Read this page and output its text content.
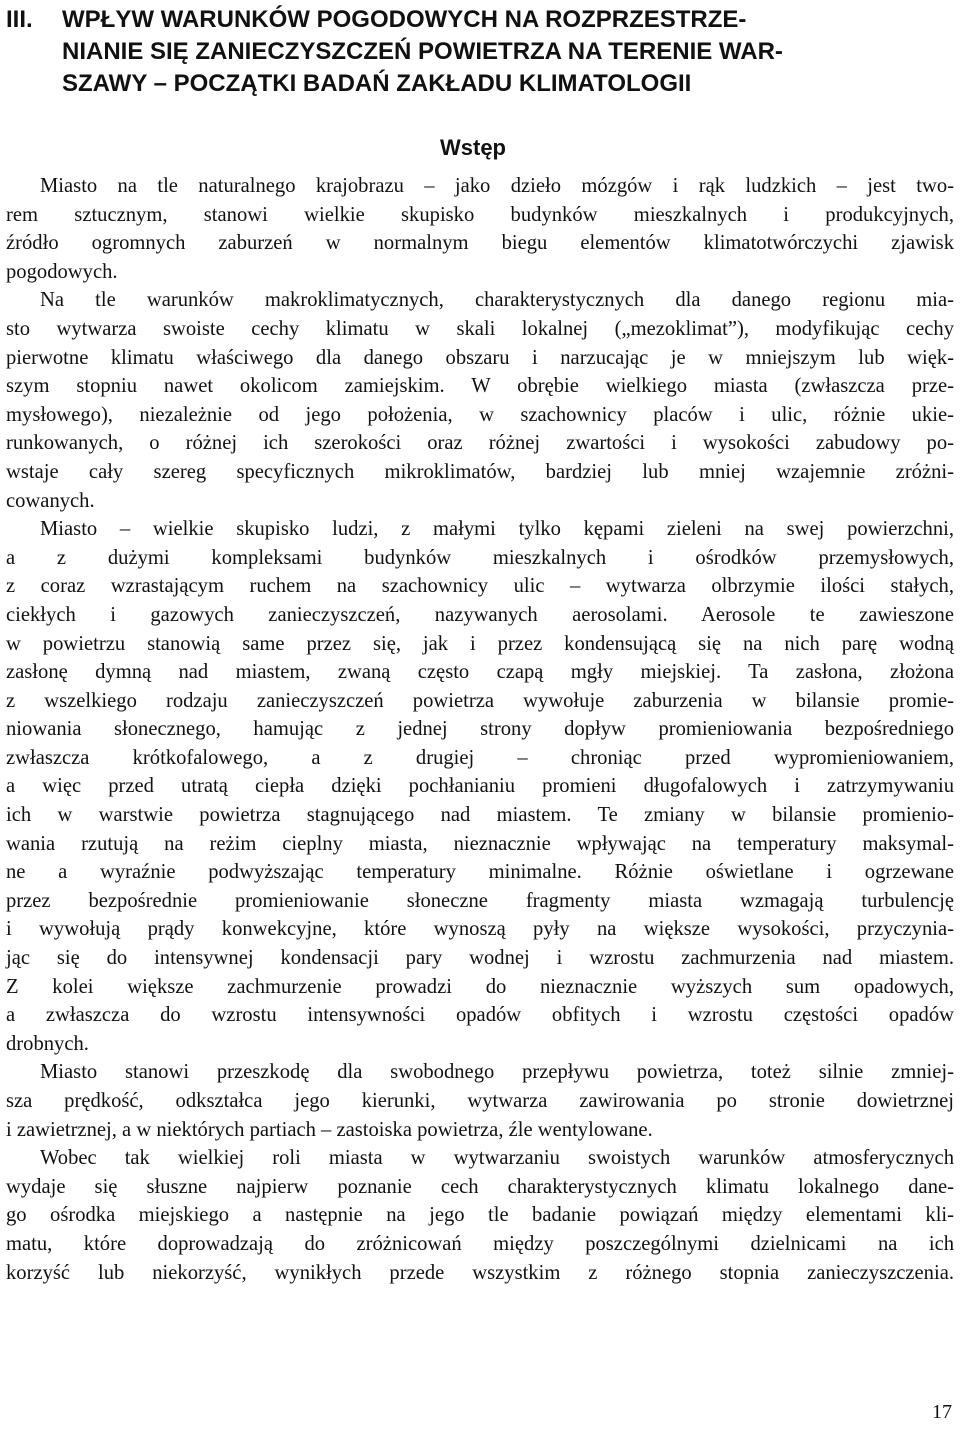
III. WPŁYW WARUNKÓW POGODOWYCH NA ROZPRZESTRZE-
NIANIE SIĘ ZANIECZYSZCZEŃ POWIETRZA NA TERENIE WAR-
SZAWY – POCZĄTKI BADAŃ ZAKŁADU KLIMATOLOGII
Wstęp
Miasto na tle naturalnego krajobrazu – jako dzieło mózgów i rąk ludzkich – jest two-
rem sztucznym, stanowi wielkie skupisko budynków mieszkalnych i produkcyjnych,
źródło ogromnych zaburzeń w normalnym biegu elementów klimatotwórczychi zjawisk
pogodowych.
Na tle warunków makroklimatycznych, charakterystycznych dla danego regionu mia-
sto wytwarza swoiste cechy klimatu w skali lokalnej („mezoklimat”), modyfikując cechy
pierwotne klimatu właściwego dla danego obszaru i narzucając je w mniejszym lub więk-
szym stopniu nawet okolicom zamiejskim. W obrębie wielkiego miasta (zwłaszcza prze-
mysłowego), niezależnie od jego położenia, w szachownicy placów i ulic, różnie ukie-
runkowanych, o różnej ich szerokości oraz różnej zwartości i wysokości zabudowy po-
wstaje cały szereg specyficznych mikroklimatów, bardziej lub mniej wzajemnie zróżni-
cowanych.
Miasto – wielkie skupisko ludzi, z małymi tylko kępami zieleni na swej powierzchni,
a z dużymi kompleksami budynków mieszkalnych i ośrodków przemysłowych,
z coraz wzrastającym ruchem na szachownicy ulic – wytwarza olbrzymie ilości stałych,
ciekłych i gazowych zanieczyszczeń, nazywanych aerosolami. Aerosole te zawieszone
w powietrzu stanowią same przez się, jak i przez kondensującą się na nich parę wodną
zasłonę dymną nad miastem, zwaną często czapą mgły miejskiej. Ta zasłona, złożona
z wszelkiego rodzaju zanieczyszczeń powietrza wywołuje zaburzenia w bilansie promie-
niowania słonecznego, hamując z jednej strony dopływ promieniowania bezpośredniego
zwłaszcza krótkofalowego, a z drugiej – chroniąc przed wypromieniowaniem,
a więc przed utratą ciepła dzięki pochłanianiu promieni długofalowych i zatrzymywaniu
ich w warstwie powietrza stagnującego nad miastem. Te zmiany w bilansie promienio-
wania rzutują na reżim cieplny miasta, nieznacznie wpływając na temperatury maksymal-
ne a wyraźnie podwyższając temperatury minimalne. Różnie oświetlane i ogrzewane
przez bezpośrednie promieniowanie słoneczne fragmenty miasta wzmagają turbulencję
i wywołują prądy konwekcyjne, które wynoszą pyły na większe wysokości, przyczynia-
jąc się do intensywnej kondensacji pary wodnej i wzrostu zachmurzenia nad miastem.
Z kolei większe zachmurzenie prowadzi do nieznacznie wyższych sum opadowych,
a zwłaszcza do wzrostu intensywności opadów obfitych i wzrostu częstości opadów
drobnych.
Miasto stanowi przeszkodę dla swobodnego przepływu powietrza, toteż silnie zmniej-
sza prędkość, odkształca jego kierunki, wytwarza zawirowania po stronie dowietrznej
i zawietrznej, a w niektórych partiach – zastoiska powietrza, źle wentylowane.
Wobec tak wielkiej roli miasta w wytwarzaniu swoistych warunków atmosferycznych
wydaje się słuszne najpierw poznanie cech charakterystycznych klimatu lokalnego dane-
go ośrodka miejskiego a następnie na jego tle badanie powiązań między elementami kli-
matu, które doprowadzają do zróżnicowań między poszczególnymi dzielnicami na ich
korzyść lub niekorzyść, wynikłych przede wszystkim z różnego stopnia zanieczyszczenia.
17
